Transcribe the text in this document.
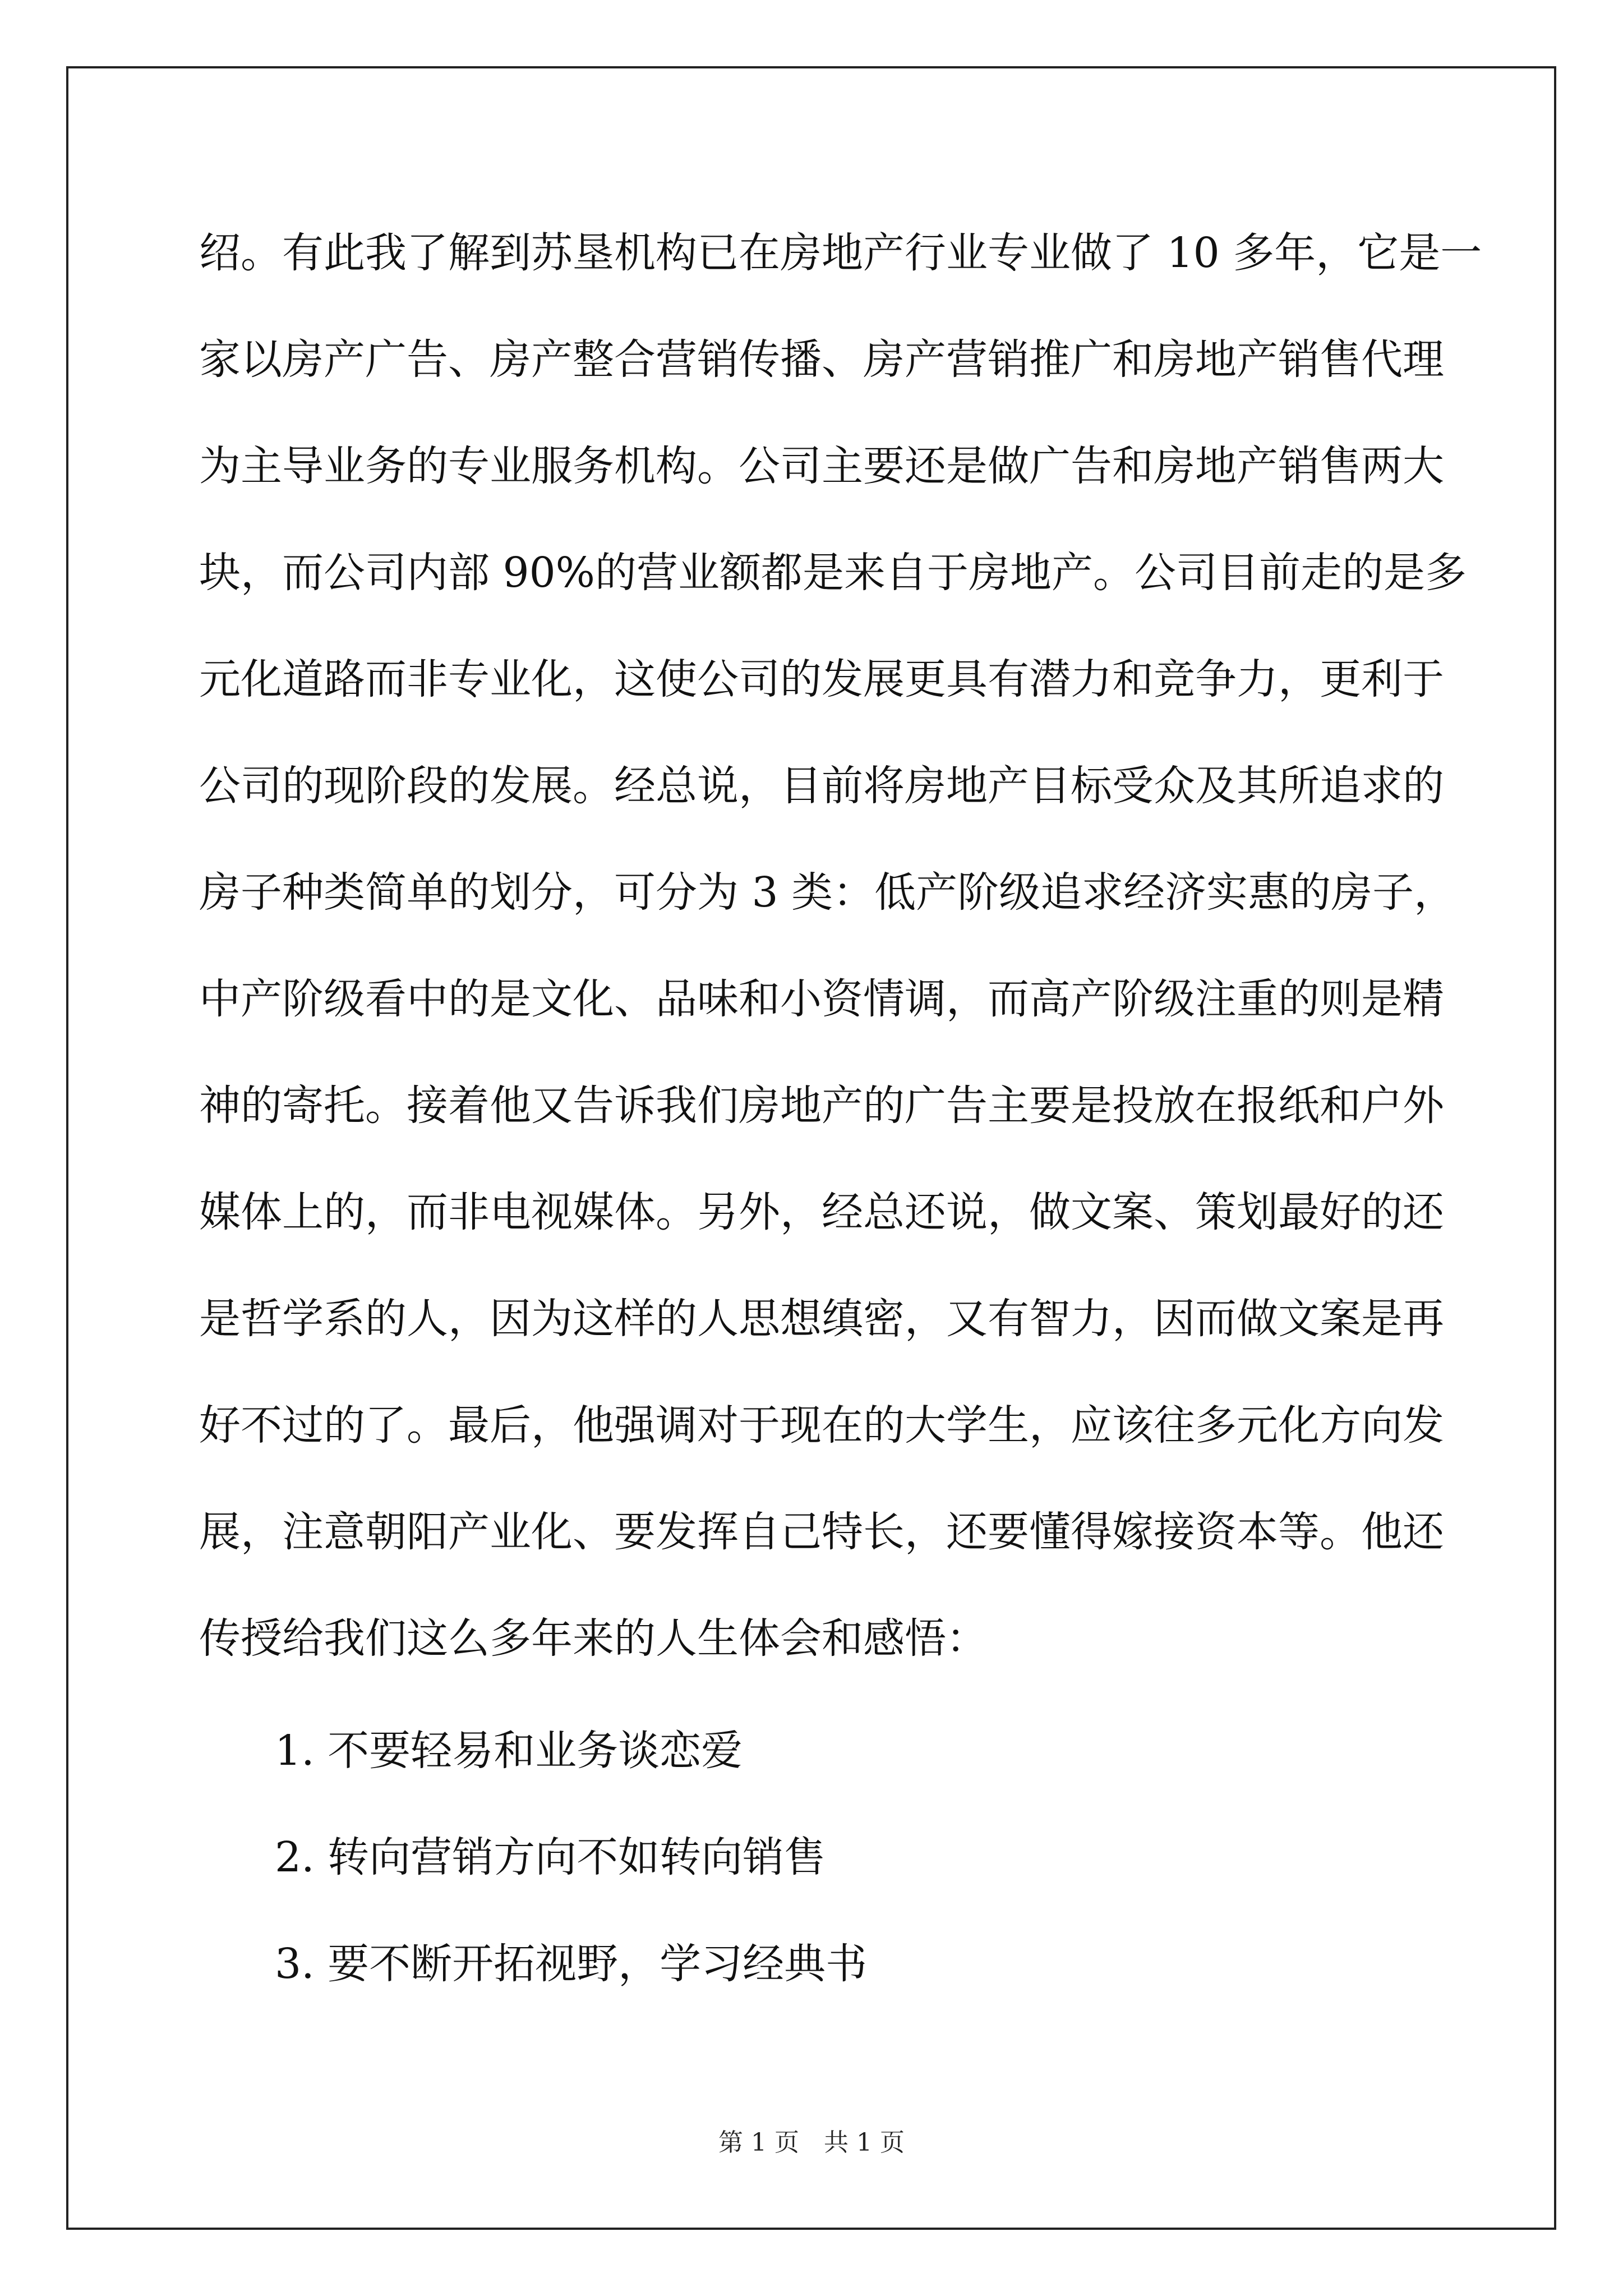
绍。有此我了解到苏垦机构已在房地产行业专业做了 10 多年，它是一
家以房产广告、房产整合营销传播、房产营销推广和房地产销售代理
为主导业务的专业服务机构。公司主要还是做广告和房地产销售两大
块，而公司内部 90%的营业额都是来自于房地产。公司目前走的是多
元化道路而非专业化，这使公司的发展更具有潜力和竞争力，更利于
公司的现阶段的发展。经总说，目前将房地产目标受众及其所追求的
房子种类简单的划分，可分为 3 类：低产阶级追求经济实惠的房子，
中产阶级看中的是文化、品味和小资情调，而高产阶级注重的则是精
神的寄托。接着他又告诉我们房地产的广告主要是投放在报纸和户外
媒体上的，而非电视媒体。另外，经总还说，做文案、策划最好的还
是哲学系的人，因为这样的人思想缜密，又有智力，因而做文案是再
好不过的了。最后，他强调对于现在的大学生，应该往多元化方向发
展，注意朝阳产业化、要发挥自己特长，还要懂得嫁接资本等。他还
传授给我们这么多年来的人生体会和感悟：
1. 不要轻易和业务谈恋爱
2. 转向营销方向不如转向销售
3. 要不断开拓视野，学习经典书
第 1 页　共 1 页
